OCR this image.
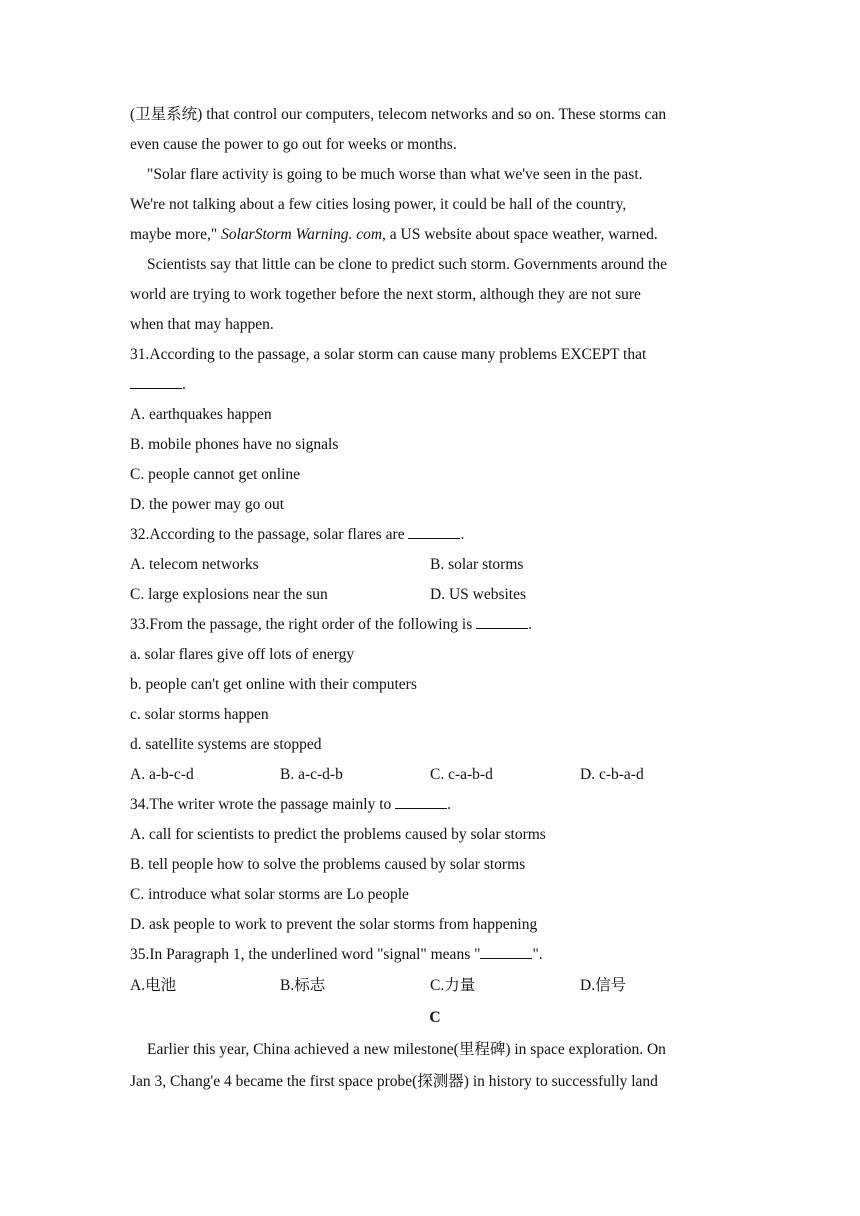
(卫星系统) that control our computers, telecom networks and so on. These storms can
even cause the power to go out for weeks or months.
"Solar flare activity is going to be much worse than what we've seen in the past.
We're not talking about a few cities losing power, it could be hall of the country,
maybe more," SolarStorm Warning. com, a US website about space weather, warned.
Scientists say that little can be clone to predict such storm. Governments around the
world are trying to work together before the next storm, although they are not sure
when that may happen.
31.According to the passage, a solar storm can cause many problems EXCEPT that
.
A. earthquakes happen
B. mobile phones have no signals
C. people cannot get online
D. the power may go out
32.According to the passage, solar flares are	.
A. telecom networks	B. solar storms
C. large explosions near the sun	D. US websites
33.From the passage, the right order of the following is	.
a. solar flares give off lots of energy
b. people can't get online with their computers
c. solar storms happen
d. satellite systems are stopped
A. a-b-c-d	B. a-c-d-b	C. c-a-b-d	D. c-b-a-d
34.The writer wrote the passage mainly to	.
A. call for scientists to predict the problems caused by solar storms
B. tell people how to solve the problems caused by solar storms
C. introduce what solar storms are Lo people
D. ask people to work to prevent the solar storms from happening
35.In Paragraph 1, the underlined word "signal" means "	".
A.电池	B.标志	C.力量	D.信号
C
Earlier this year, China achieved a new milestone(里程碑) in space exploration. On
Jan 3, Chang'e 4 became the first space probe(探测器) in history to successfully land
